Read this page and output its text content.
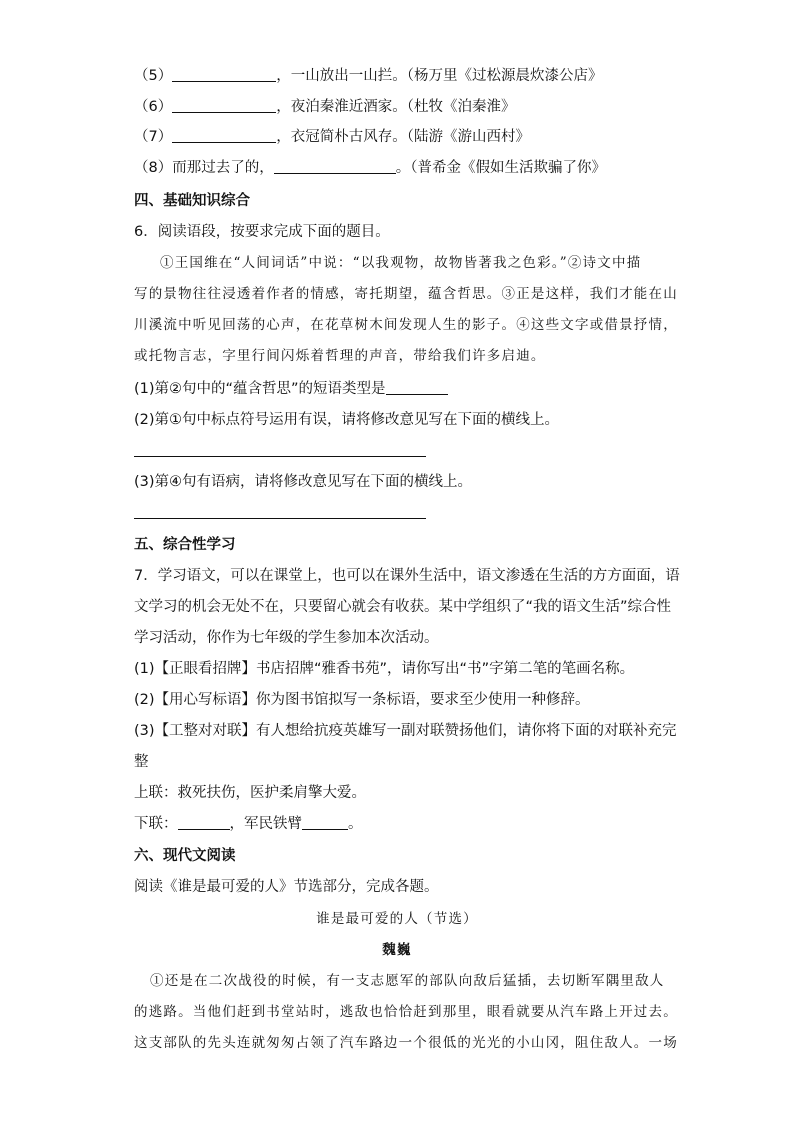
（5）	，一山放出一山拦。（杨万里《过松源晨炊漆公店》
（6）	，夜泊秦淮近酒家。（杜牧《泊秦淮》
（7）	，衣冠简朴古风存。（陆游《游山西村》
（8）而那过去了的，	。（普希金《假如生活欺骗了你》
四、基础知识综合
6．阅读语段，按要求完成下面的题目。
①王国维在“人间词话”中说：“以我观物，故物皆著我之色彩。”②诗文中描
写的景物往往浸透着作者的情感，寄托期望，蕴含哲思。③正是这样，我们才能在山
川溪流中听见回荡的心声，在花草树木间发现人生的影子。④这些文字或借景抒情，
或托物言志，字里行间闪烁着哲理的声音，带给我们许多启迪。
(1)第②句中的“蕴含哲思”的短语类型是
(2)第①句中标点符号运用有误，请将修改意见写在下面的横线上。
(3)第④句有语病，请将修改意见写在下面的横线上。
五、综合性学习
7．学习语文，可以在课堂上，也可以在课外生活中，语文渗透在生活的方方面面，语
文学习的机会无处不在，只要留心就会有收获。某中学组织了“我的语文生活”综合性
学习活动，你作为七年级的学生参加本次活动。
(1)【正眼看招牌】书店招牌“雅香书苑”，请你写出“书”字第二笔的笔画名称。
(2)【用心写标语】你为图书馆拟写一条标语，要求至少使用一种修辞。
(3)【工整对对联】有人想给抗疫英雄写一副对联赞扬他们，请你将下面的对联补充完
整
上联：救死扶伤，医护柔肩擎大爱。
下联：	，军民铁臂	。
六、现代文阅读
阅读《谁是最可爱的人》节选部分，完成各题。
谁是最可爱的人（节选）
魏巍
①还是在二次战役的时候，有一支志愿军的部队向敌后猛插，去切断军隅里敌人
的逃路。当他们赶到书堂站时，逃敌也恰恰赶到那里，眼看就要从汽车路上开过去。
这支部队的先头连就匆匆占领了汽车路边一个很低的光光的小山冈，阻住敌人。一场
